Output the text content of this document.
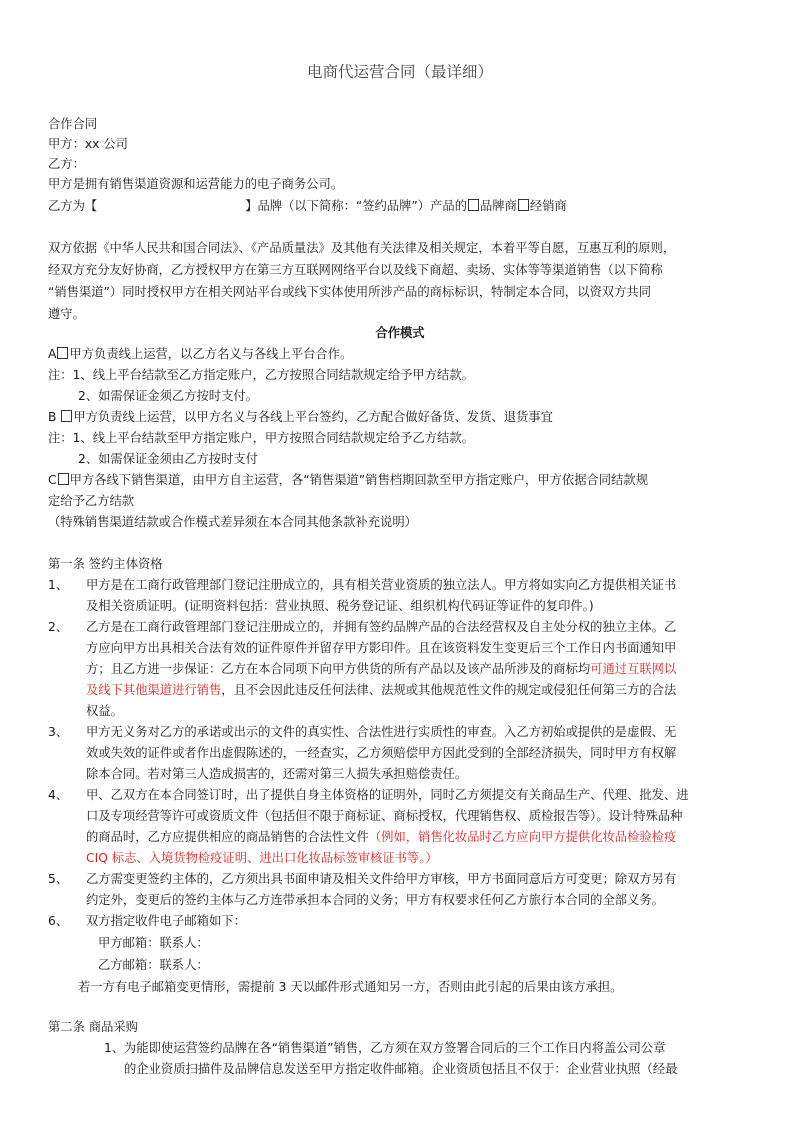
电商代运营合同（最详细）
合作合同
甲方：xx 公司
乙方：
甲方是拥有销售渠道资源和运营能力的电子商务公司。
乙方为【	】品牌（以下简称：“签约品牌”）产品的 品牌商 经销商
双方依据《中华人民共和国合同法》、《产品质量法》及其他有关法律及相关规定，本着平等自愿，互惠互利的原则，
经双方充分友好协商，乙方授权甲方在第三方互联网网络平台以及线下商超、卖场、实体等等渠道销售（以下简称
“销售渠道”）同时授权甲方在相关网站平台或线下实体使用所涉产品的商标标识，特制定本合同，以资双方共同
遵守。
合作模式
A 甲方负责线上运营，以乙方名义与各线上平台合作。
注：1、线上平台结款至乙方指定账户，乙方按照合同结款规定给予甲方结款。
2、如需保证金须乙方按时支付。
B 甲方负责线上运营，以甲方名义与各线上平台签约，乙方配合做好备货、发货、退货事宜
注：1、线上平台结款至甲方指定账户，甲方按照合同结款规定给予乙方结款。
2、如需保证金须由乙方按时支付
C 甲方各线下销售渠道，由甲方自主运营，各“销售渠道”销售档期回款至甲方指定账户，甲方依据合同结款规
定给予乙方结款
（特殊销售渠道结款或合作模式差异须在本合同其他条款补充说明）
第一条 签约主体资格
1、 甲方是在工商行政管理部门登记注册成立的，具有相关营业资质的独立法人。甲方将如实向乙方提供相关证书
及相关资质证明。(证明资料包括：营业执照、税务登记证、组织机构代码证等证件的复印件。)
2、 乙方是在工商行政管理部门登记注册成立的，并拥有签约品牌产品的合法经营权及自主处分权的独立主体。乙
方应向甲方出具相关合法有效的证件原件并留存甲方影印件。且在该资料发生变更后三个工作日内书面通知甲
方；且乙方进一步保证：乙方在本合同项下向甲方供货的所有产品以及该产品所涉及的商标均可通过互联网以
及线下其他渠道进行销售，且不会因此违反任何法律、法规或其他规范性文件的规定或侵犯任何第三方的合法
权益。
3、 甲方无义务对乙方的承诺或出示的文件的真实性、合法性进行实质性的审查。入乙方初始或提供的是虚假、无
效或失效的证件或者作出虚假陈述的，一经查实，乙方须赔偿甲方因此受到的全部经济损失，同时甲方有权解
除本合同。若对第三人造成损害的，还需对第三人损失承担赔偿责任。
4、 甲、乙双方在本合同签订时，出了提供自身主体资格的证明外，同时乙方须提交有关商品生产、代理、批发、进
口及专项经营等许可或资质文件（包括但不限于商标证、商标授权，代理销售权、质检报告等）。设计特殊品种
的商品时，乙方应提供相应的商品销售的合法性文件（例如，销售化妆品时乙方应向甲方提供化妆品检验检疫
CIQ 标志、入境货物检疫证明、进出口化妆品标签审核证书等。）
5、 乙方需变更签约主体的，乙方须出具书面申请及相关文件给甲方审核，甲方书面同意后方可变更；除双方另有
约定外，变更后的签约主体与乙方连带承担本合同的义务；甲方有权要求任何乙方旅行本合同的全部义务。
6、 双方指定收件电子邮箱如下：
甲方邮箱：联系人：
乙方邮箱：联系人：
若一方有电子邮箱变更情形，需提前 3 天以邮件形式通知另一方，否则由此引起的后果由该方承担。
第二条 商品采购
1、 为能即使运营签约品牌在各“销售渠道”销售，乙方须在双方签署合同后的三个工作日内将盖公司公章
的企业资质扫描件及品牌信息发送至甲方指定收件邮箱。企业资质包括且不仅于：企业营业执照（经最
